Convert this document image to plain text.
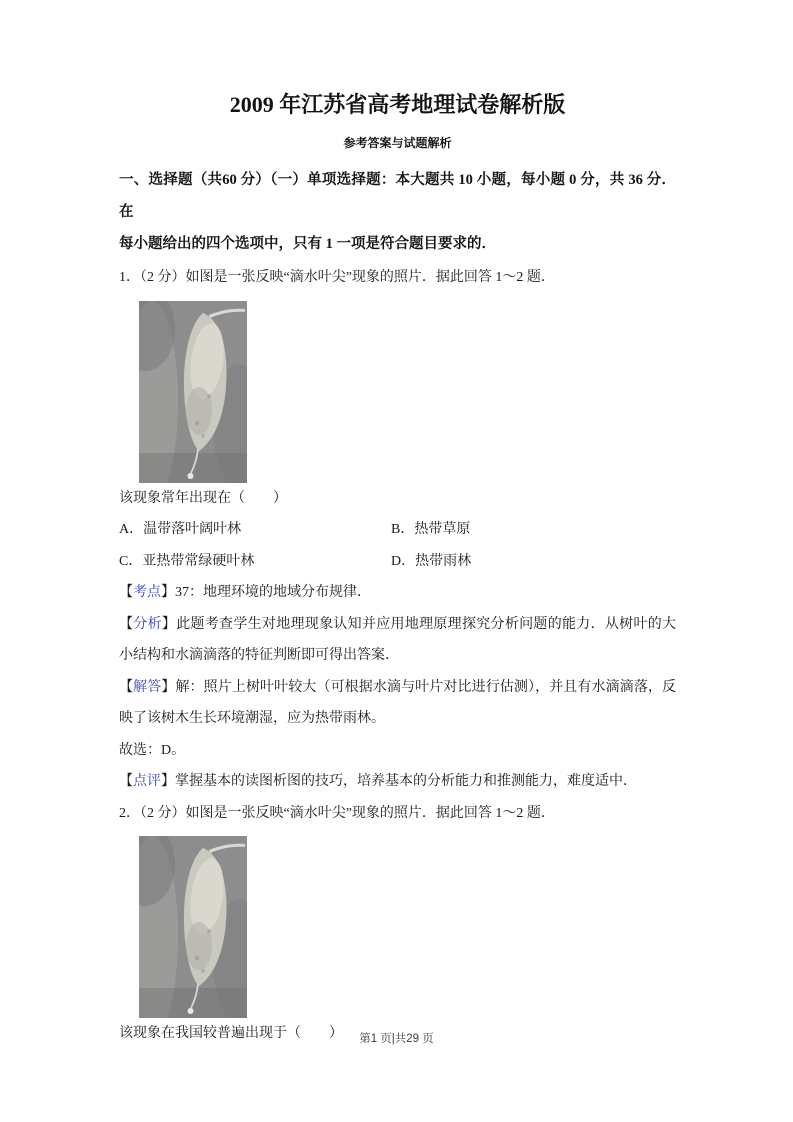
2009 年江苏省高考地理试卷解析版
参考答案与试题解析
一、选择题（共60 分）（一）单项选择题：本大题共 10 小题，每小题 0 分，共 36 分．在
每小题给出的四个选项中，只有 1 一项是符合题目要求的．

1．（2 分）如图是一张反映“滴水叶尖”现象的照片．据此回答 1～2 题．

该现象常年出现在（　　）

A．温带落叶阔叶林	B．热带草原
C．亚热带常绿硬叶林	D．热带雨林

【考点】37：地理环境的地域分布规律．

【分析】此题考查学生对地理现象认知并应用地理原理探究分析问题的能力．从树叶的大小结构和水滴滴落的特征判断即可得出答案．

【解答】解：照片上树叶叶较大（可根据水滴与叶片对比进行估测），并且有水滴滴落，反映了该树木生长环境潮湿，应为热带雨林。

故选：D。

【点评】掌握基本的读图析图的技巧，培养基本的分析能力和推测能力，难度适中．

2．（2 分）如图是一张反映“滴水叶尖”现象的照片．据此回答 1～2 题．

该现象在我国较普遍出现于（　　）	第1 页|共29 页
